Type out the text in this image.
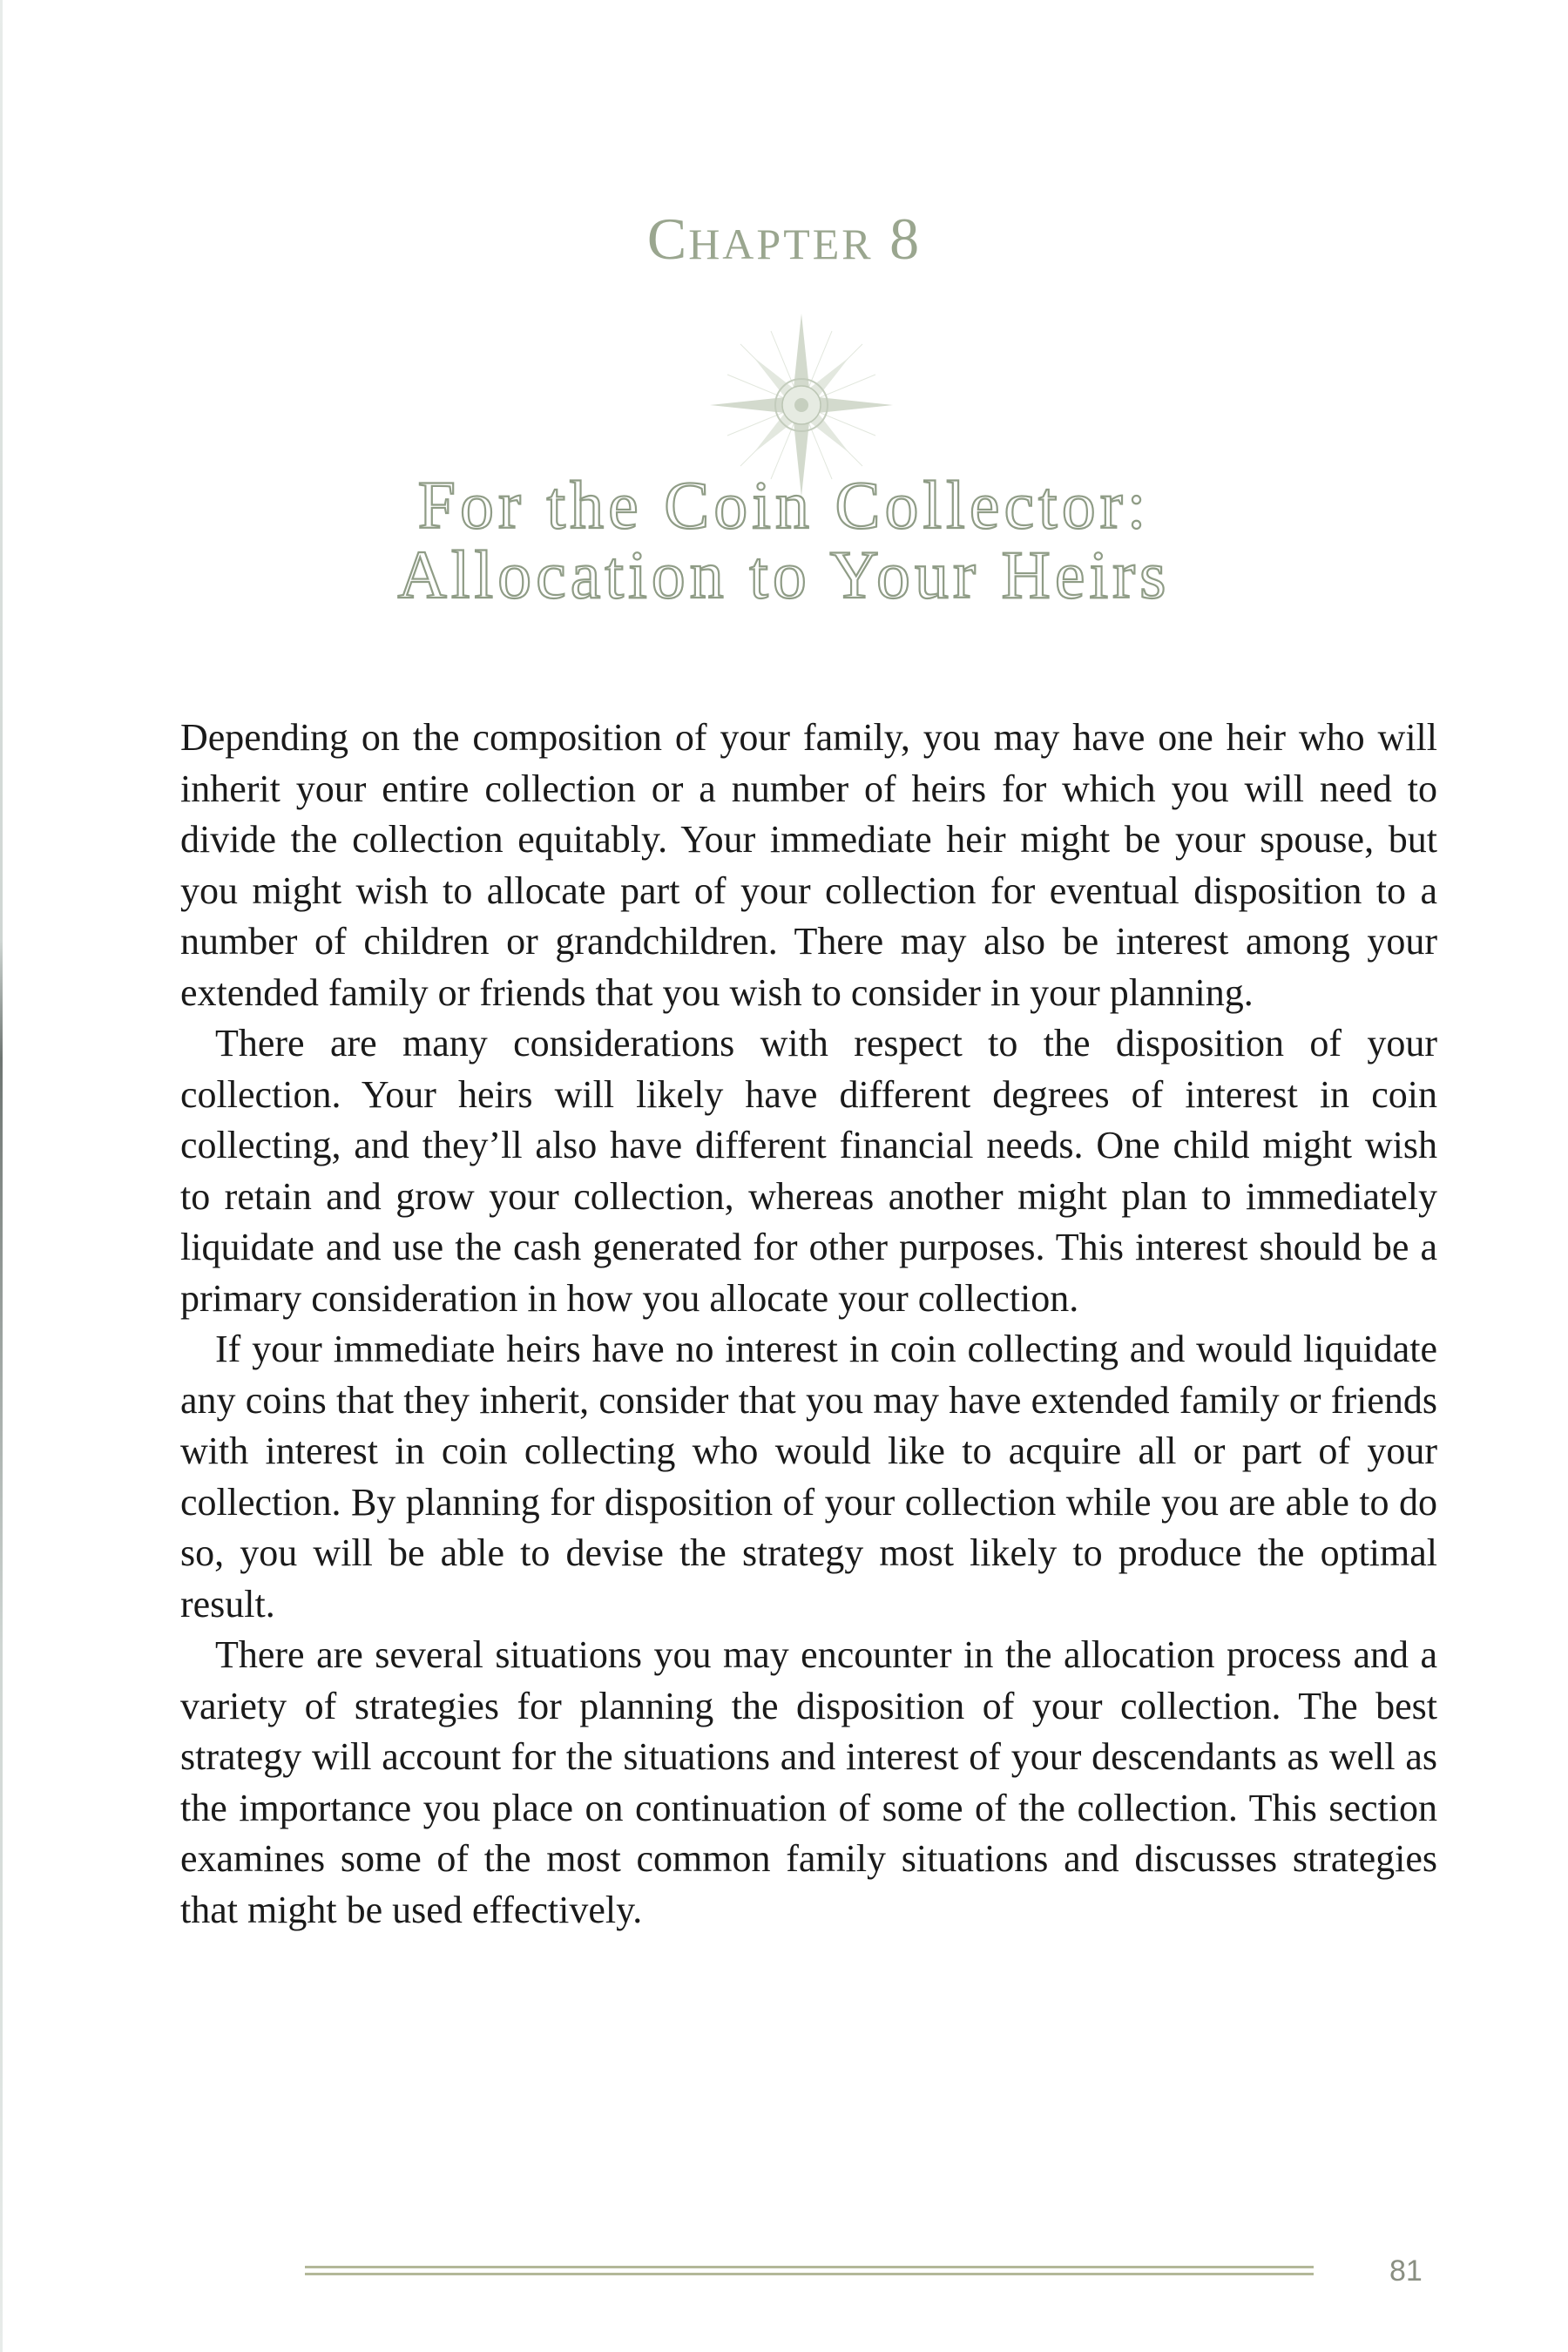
CHAPTER 8
For the Coin Collector:
Allocation to Your Heirs

Depending on the composition of your family, you may have one heir who will inherit your entire collection or a number of heirs for which you will need to divide the collection equitably. Your immediate heir might be your spouse, but you might wish to allocate part of your collection for eventual disposition to a number of children or grandchildren. There may also be interest among your extended family or friends that you wish to consider in your planning.

There are many considerations with respect to the disposition of your collection. Your heirs will likely have different degrees of interest in coin collecting, and they’ll also have different financial needs. One child might wish to retain and grow your collection, whereas another might plan to immediately liquidate and use the cash generated for other purposes. This interest should be a primary consideration in how you allocate your collection.

If your immediate heirs have no interest in coin collecting and would liquidate any coins that they inherit, consider that you may have extended family or friends with interest in coin collecting who would like to acquire all or part of your collection. By planning for disposition of your collection while you are able to do so, you will be able to devise the strategy most likely to produce the optimal result.

There are several situations you may encounter in the allocation process and a variety of strategies for planning the disposition of your collection. The best strategy will account for the situations and interest of your descendants as well as the importance you place on continuation of some of the collection. This section examines some of the most common family situations and discusses strategies that might be used effectively.

81
